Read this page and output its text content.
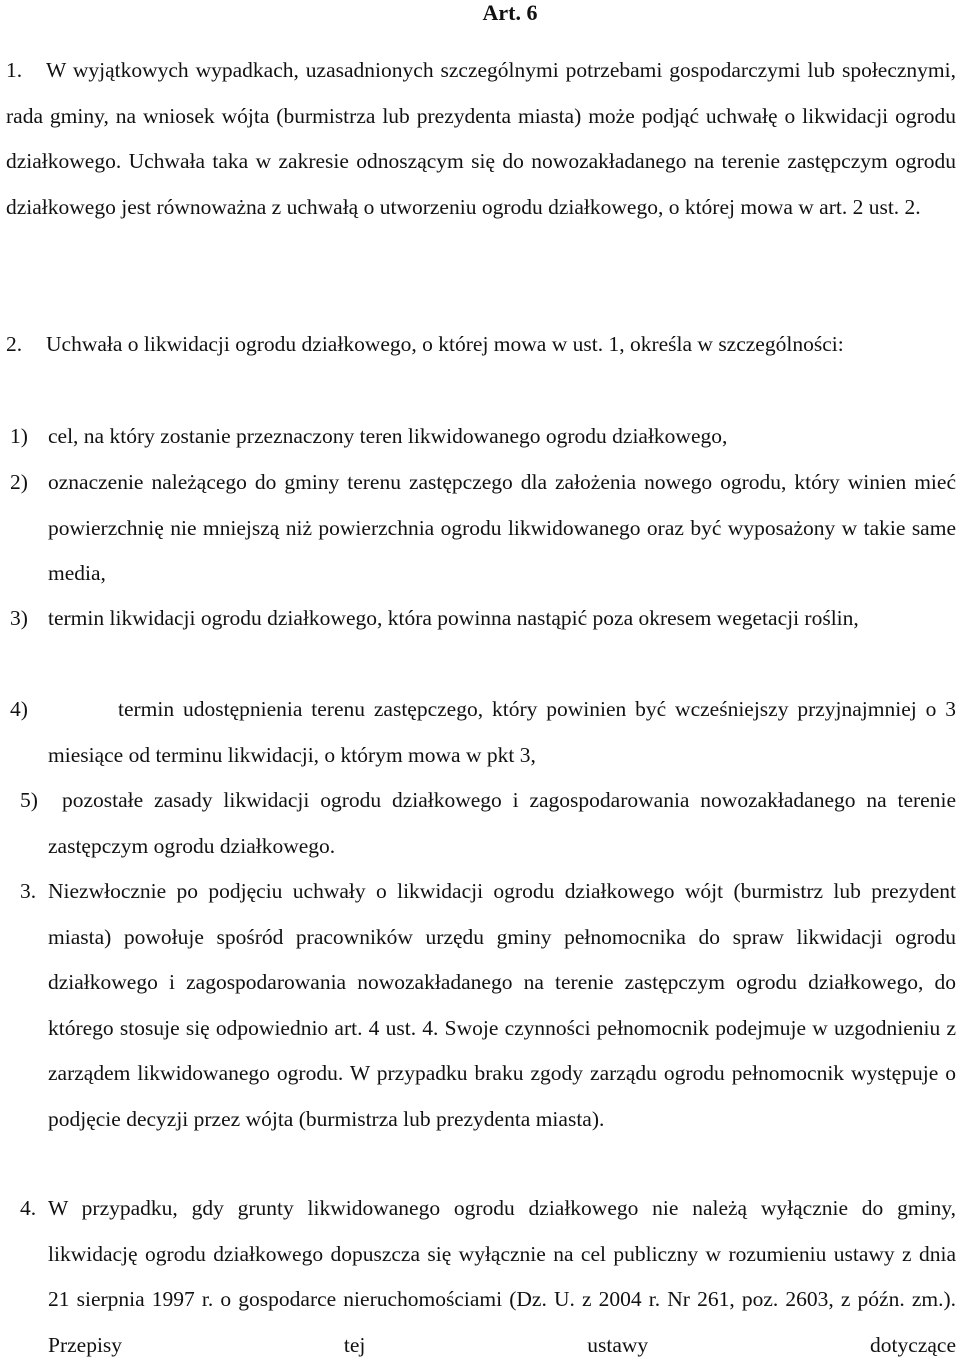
Art. 6

1. W wyjątkowych wypadkach, uzasadnionych szczególnymi potrzebami gospodarczymi lub społecznymi, rada gminy, na wniosek wójta (burmistrza lub prezydenta miasta) może podjąć uchwałę o likwidacji ogrodu działkowego. Uchwała taka w zakresie odnoszącym się do nowozakładanego na terenie zastępczym ogrodu działkowego jest równoważna z uchwałą o utworzeniu ogrodu działkowego, o której mowa w art. 2 ust. 2.

2. Uchwała o likwidacji ogrodu działkowego, o której mowa w ust. 1, określa w szczególności:

1) cel, na który zostanie przeznaczony teren likwidowanego ogrodu działkowego,
2) oznaczenie należącego do gminy terenu zastępczego dla założenia nowego ogrodu, który winien mieć powierzchnię nie mniejszą niż powierzchnia ogrodu likwidowanego oraz być wyposażony w takie same media,

3) termin likwidacji ogrodu działkowego, która powinna nastąpić poza okresem wegetacji roślin,

4)	termin udostępnienia terenu zastępczego, który powinien być wcześniejszy przyjnajmniej o 3 miesiące od terminu likwidacji, o którym mowa w pkt 3,

5)	pozostałe zasady likwidacji ogrodu działkowego i zagospodarowania nowozakładanego na terenie zastępczym ogrodu działkowego.

3. Niezwłocznie po podjęciu uchwały o likwidacji ogrodu działkowego wójt (burmistrz lub prezydent miasta) powołuje spośród pracowników urzędu gminy pełnomocnika do spraw likwidacji ogrodu działkowego i zagospodarowania nowozakładanego na terenie zastępczym ogrodu działkowego, do którego stosuje się odpowiednio art. 4 ust. 4. Swoje czynności pełnomocnik podejmuje w uzgodnieniu z zarządem likwidowanego ogrodu. W przypadku braku zgody zarządu ogrodu pełnomocnik występuje o podjęcie decyzji przez wójta (burmistrza lub prezydenta miasta).

4. W przypadku, gdy grunty likwidowanego ogrodu działkowego nie należą wyłącznie do gminy, likwidację ogrodu działkowego dopuszcza się wyłącznie na cel publiczny w rozumieniu ustawy z dnia 21 sierpnia 1997 r. o gospodarce nieruchomościami (Dz. U. z 2004 r. Nr 261, poz. 2603, z późn. zm.). Przepisy tej ustawy dotyczące
